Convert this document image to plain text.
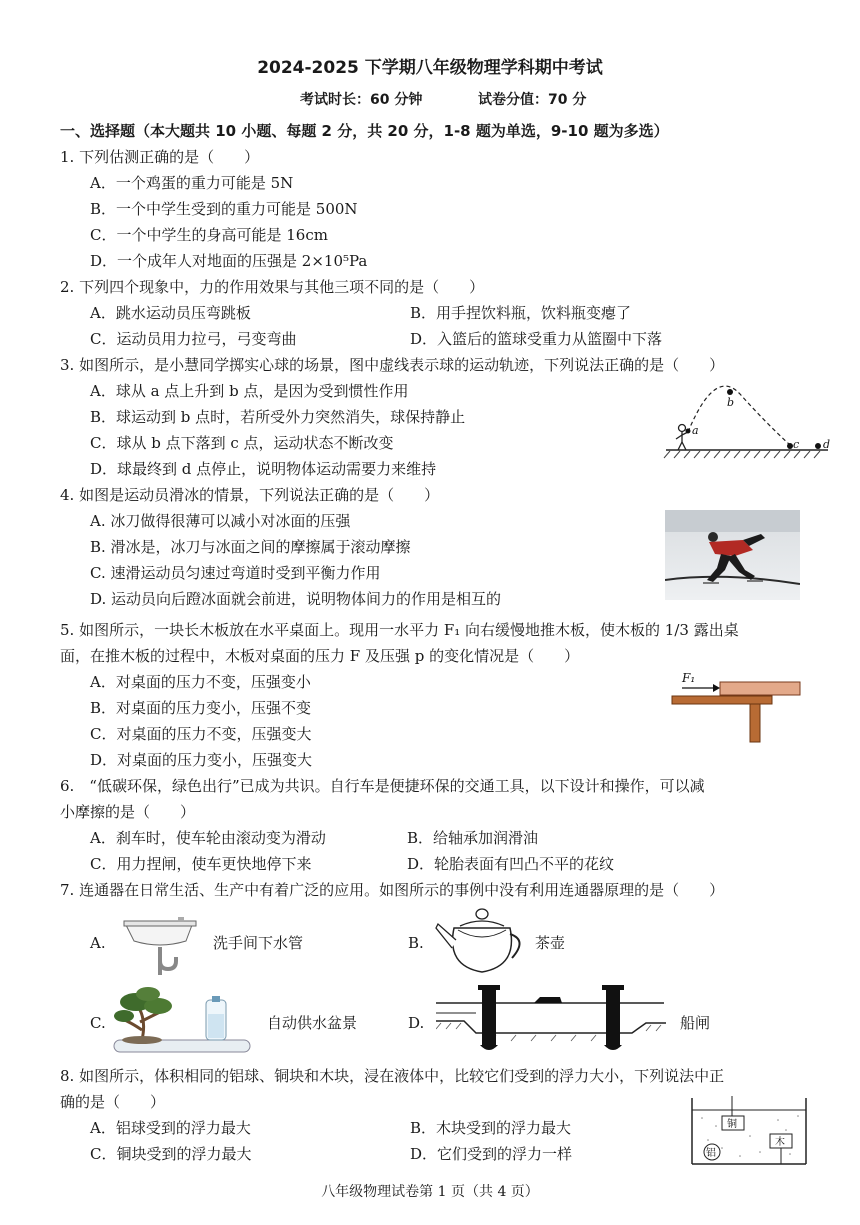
2024-2025 下学期八年级物理学科期中考试
考试时长：60 分钟	试卷分值：70 分
一、选择题（本大题共 10 小题、每题 2 分，共 20 分，1-8 题为单选，9-10 题为多选）
1. 下列估测正确的是（　　）
A．一个鸡蛋的重力可能是 5N
B．一个中学生受到的重力可能是 500N
C．一个中学生的身高可能是 16cm
D．一个成年人对地面的压强是 2×10⁵Pa
2. 下列四个现象中，力的作用效果与其他三项不同的是（　　）
A．跳水运动员压弯跳板	B．用手捏饮料瓶，饮料瓶变瘪了
C．运动员用力拉弓，弓变弯曲	D．入篮后的篮球受重力从篮圈中下落
3. 如图所示，是小慧同学掷实心球的场景，图中虚线表示球的运动轨迹，下列说法正确的是（　　）
A．球从 a 点上升到 b 点，是因为受到惯性作用
B．球运动到 b 点时，若所受外力突然消失，球保持静止
C．球从 b 点下落到 c 点，运动状态不断改变
D．球最终到 d 点停止，说明物体运动需要力来维持
a
b
c d
4. 如图是运动员滑冰的情景，下列说法正确的是（　　）
A. 冰刀做得很薄可以减小对冰面的压强
B. 滑冰是，冰刀与冰面之间的摩擦属于滚动摩擦
C. 速滑运动员匀速过弯道时受到平衡力作用
D. 运动员向后蹬冰面就会前进，说明物体间力的作用是相互的
5. 如图所示，一块长木板放在水平桌面上。现用一水平力 F₁ 向右缓慢地推木板，使木板的 1/3 露出桌
面，在推木板的过程中，木板对桌面的压力 F 及压强 p 的变化情况是（　　）
A．对桌面的压力不变，压强变小
B．对桌面的压力变小，压强不变
C．对桌面的压力不变，压强变大
D．对桌面的压力变小，压强变大
F₁
6.　“低碳环保，绿色出行”已成为共识。自行车是便捷环保的交通工具，以下设计和操作，可以减
小摩擦的是（　　）
A．刹车时，使车轮由滚动变为滑动	B．给轴承加润滑油
C．用力捏闸，使车更快地停下来	D．轮胎表面有凹凸不平的花纹
7. 连通器在日常生活、生产中有着广泛的应用。如图所示的事例中没有利用连通器原理的是（　　）
A.	洗手间下水管	B.	茶壶
C.	自动供水盆景	D.	船闸
8. 如图所示，体积相同的铝球、铜块和木块，浸在液体中，比较它们受到的浮力大小，下列说法中正
确的是（　　）
A．铝球受到的浮力最大	B．木块受到的浮力最大
C．铜块受到的浮力最大	D．它们受到的浮力一样
铜
木
铝
八年级物理试卷第 1 页（共 4 页）
